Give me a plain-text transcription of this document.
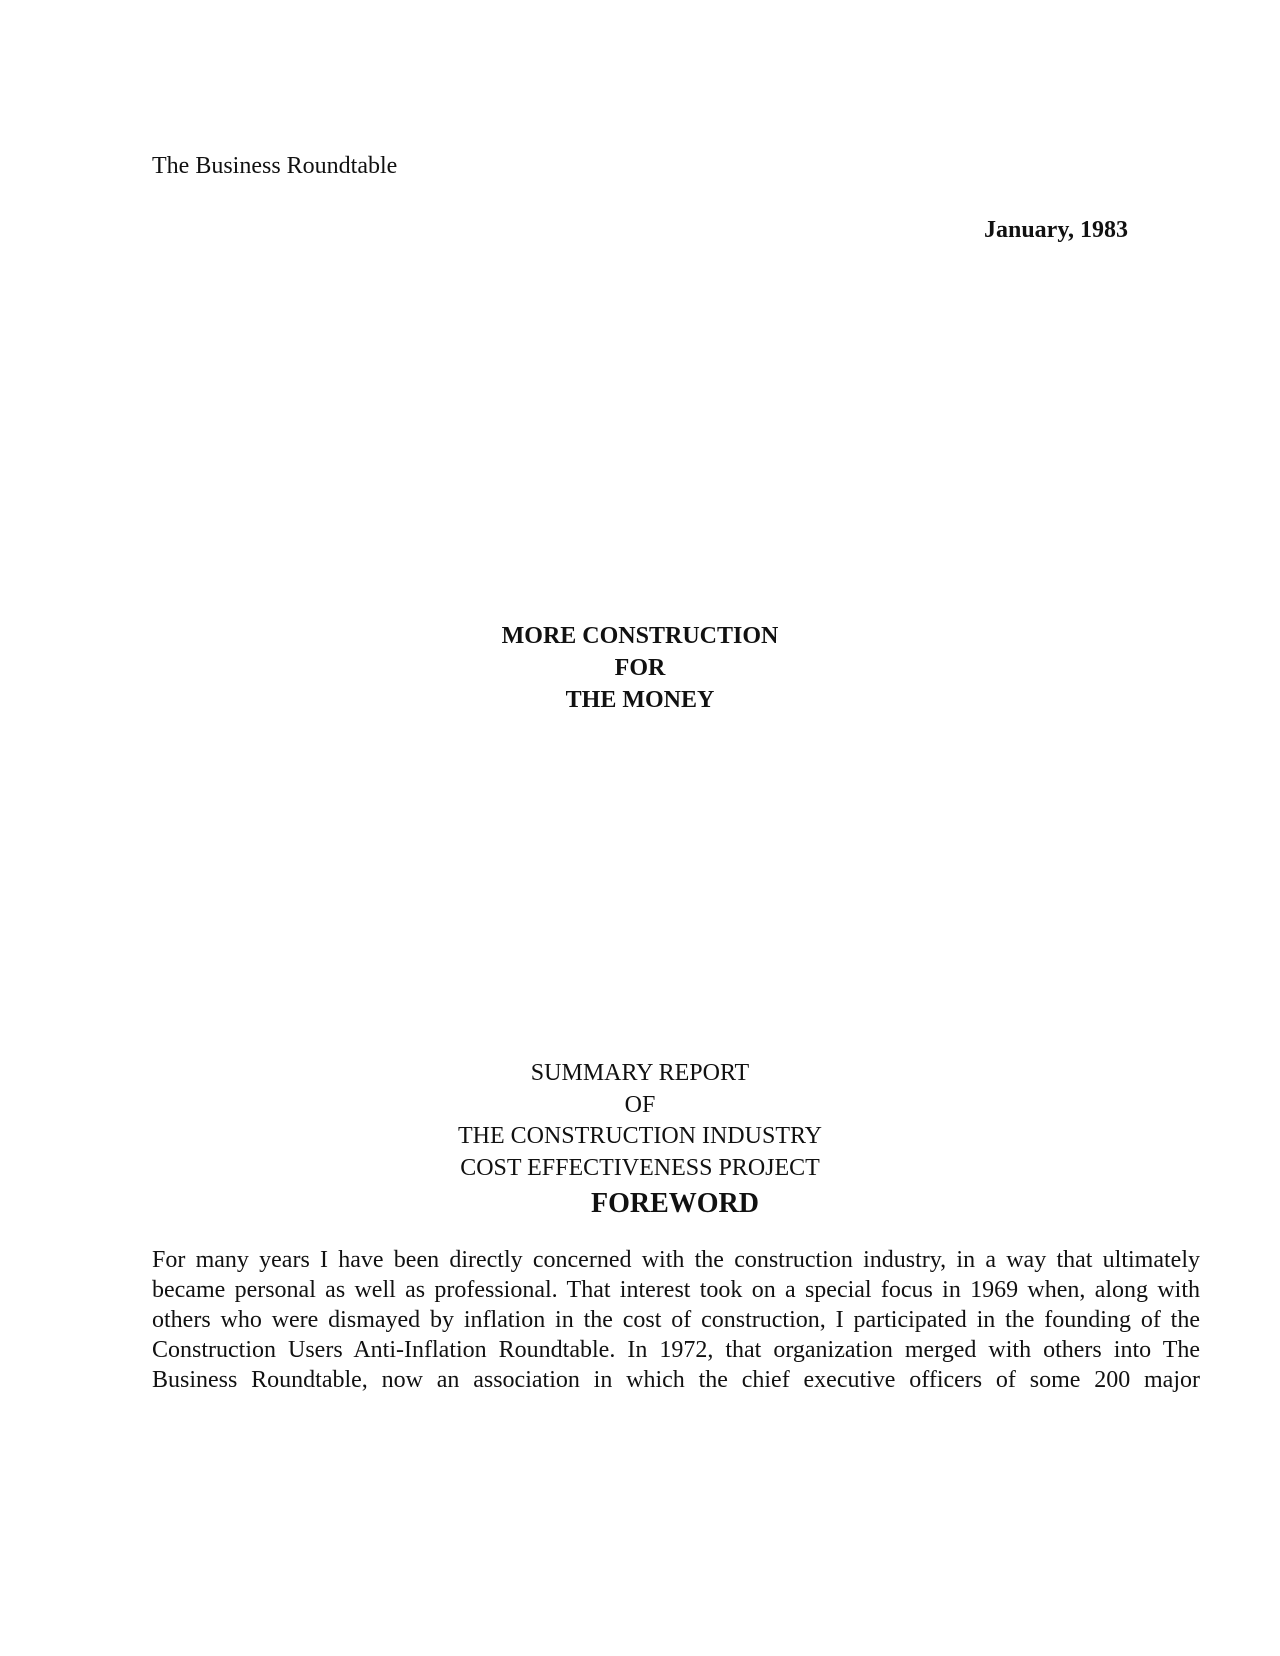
The Business Roundtable
January, 1983
MORE CONSTRUCTION
FOR
THE MONEY
SUMMARY REPORT
OF
THE CONSTRUCTION INDUSTRY
COST EFFECTIVENESS PROJECT
FOREWORD
For many years I have been directly concerned with the construction industry, in a way that ultimately
became personal as well as professional. That interest took on a special focus in 1969 when, along with
others who were dismayed by inflation in the cost of construction, I participated in the founding of the
Construction Users Anti-Inflation Roundtable. In 1972, that organization merged with others into The
Business Roundtable, now an association in which the chief executive officers of some 200 major
